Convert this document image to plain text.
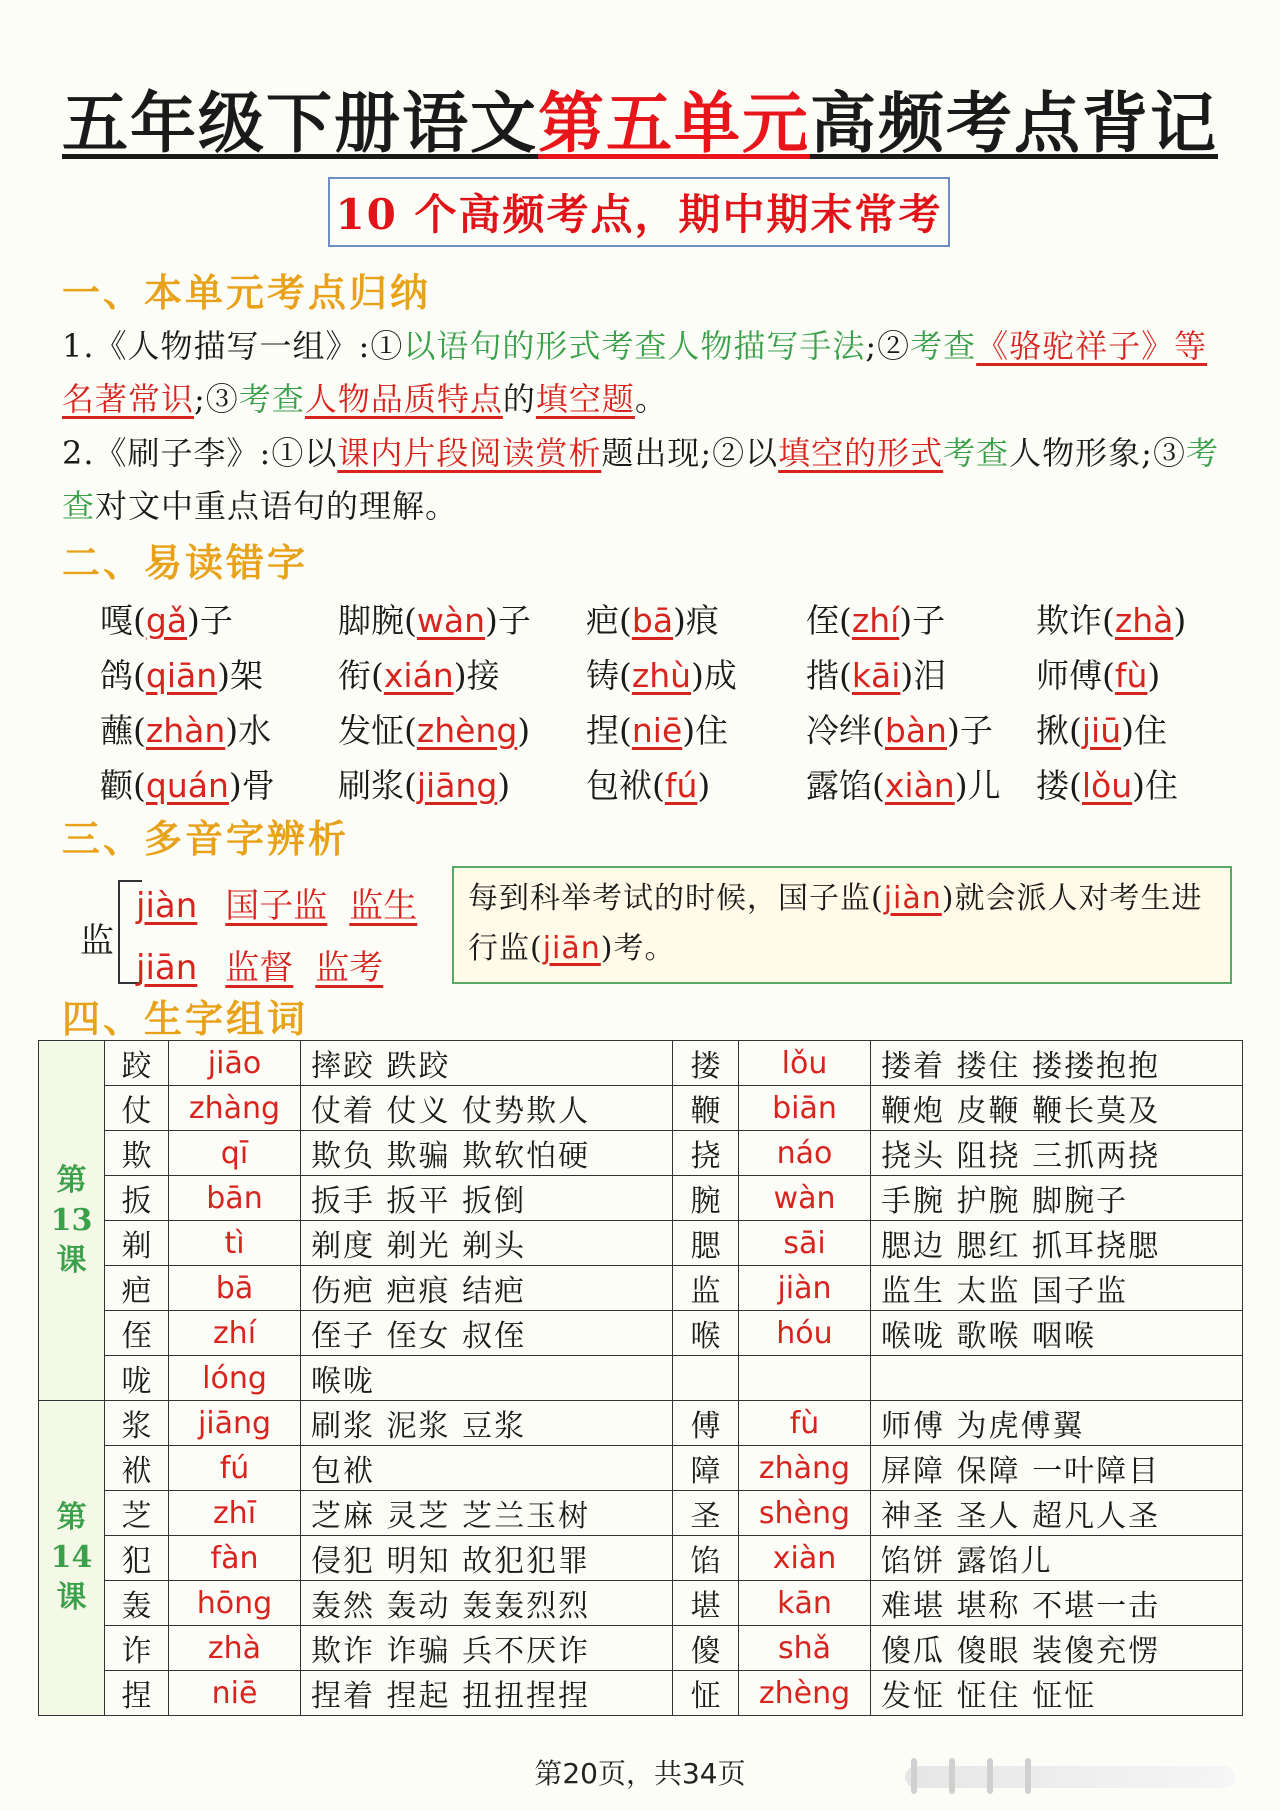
五年级下册语文第五单元高频考点背记
10 个高频考点，期中期末常考
一、本单元考点归纳
1.《人物描写一组》:①以语句的形式考查人物描写手法;②考查《骆驼祥子》等名著常识;③考查人物品质特点的填空题。
2.《刷子李》:①以课内片段阅读赏析题出现;②以填空的形式考查人物形象;③考查对文中重点语句的理解。
二、易读错字
嘎(gǎ)子	脚腕(wàn)子 疤(bā)痕	侄(zhí)子	欺诈(zhà)
鸽(qiān)架 衔(xián)接	铸(zhù)成 揩(kāi)泪	师傅(fù)
蘸(zhàn)水 发怔(zhèng) 捏(niē)住 冷绊(bàn)子 揪(jiū)住
颧(quán)骨 刷浆(jiāng) 包袱(fú)	露馅(xiàn)儿 搂(lǒu)住
三、多音字辨析
监
jiàn 国子监 监生
jiān 监督 监考
每到科举考试的时候，国子监(jiàn)就会派人对考生进行监(jiān)考。
四、生字组词
第
13
课	跤	jiāo	摔跤 跌跤	搂	lǒu	搂着 搂住 搂搂抱抱
	仗	zhàng	仗着 仗义 仗势欺人	鞭	biān	鞭炮 皮鞭 鞭长莫及
	欺	qī	欺负 欺骗 欺软怕硬	挠	náo	挠头 阻挠 三抓两挠
	扳	bān	扳手 扳平 扳倒	腕	wàn	手腕 护腕 脚腕子
	剃	tì	剃度 剃光 剃头	腮	sāi	腮边 腮红 抓耳挠腮
	疤	bā	伤疤 疤痕 结疤	监	jiàn	监生 太监 国子监
	侄	zhí	侄子 侄女 叔侄	喉	hóu	喉咙 歌喉 咽喉
	咙	lóng	喉咙			

第
14
课	浆	jiāng	刷浆 泥浆 豆浆	傅	fù	师傅 为虎傅翼
	袱	fú	包袱	障	zhàng	屏障 保障 一叶障目
	芝	zhī	芝麻 灵芝 芝兰玉树	圣	shèng	神圣 圣人 超凡人圣
	犯	fàn	侵犯 明知 故犯犯罪	馅	xiàn	馅饼 露馅儿
	轰	hōng	轰然 轰动 轰轰烈烈	堪	kān	难堪 堪称 不堪一击
	诈	zhà	欺诈 诈骗 兵不厌诈	傻	shǎ	傻瓜 傻眼 装傻充愣
	捏	niē	捏着 捏起 扭扭捏捏	怔	zhèng	发怔 怔住 怔怔
第20页，共34页
